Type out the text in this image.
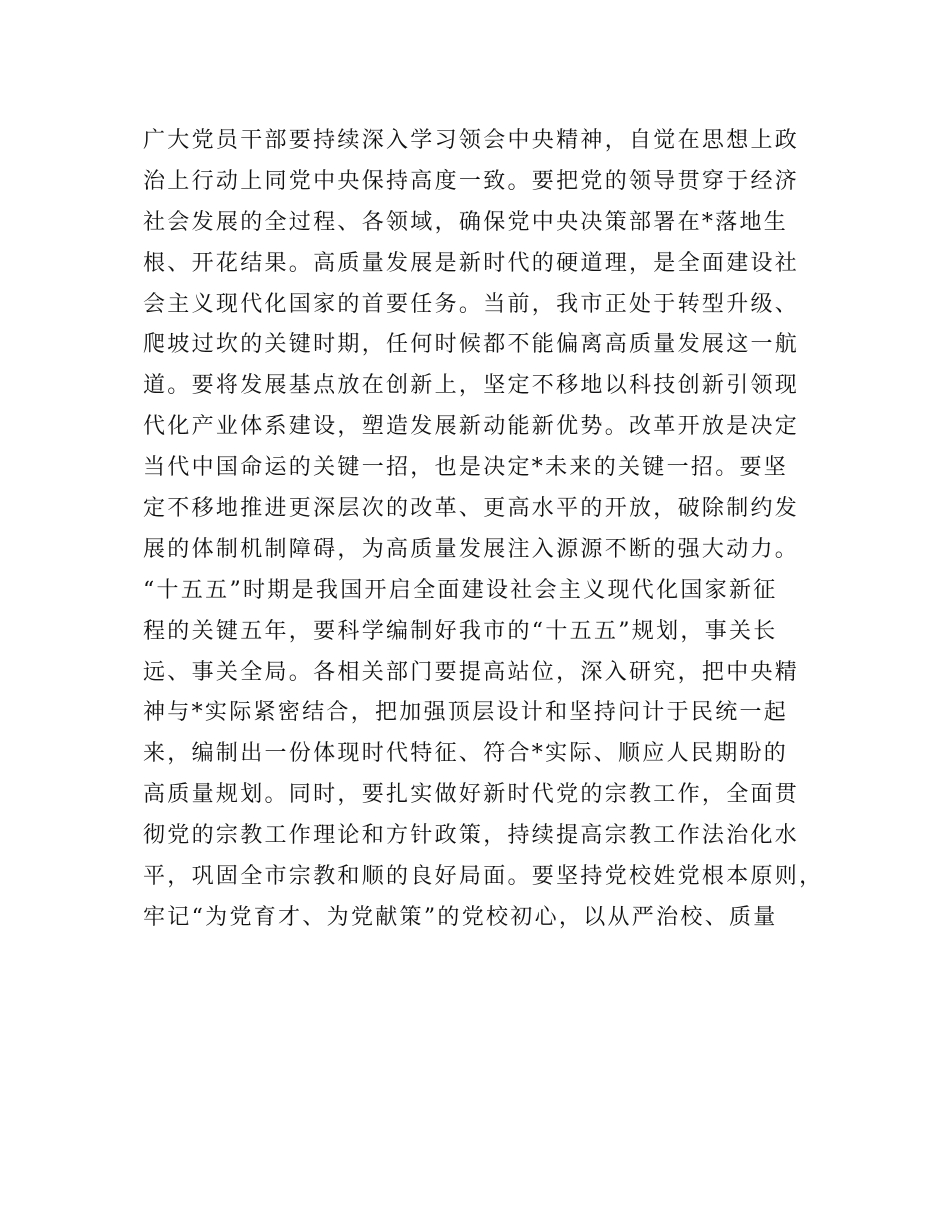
广大党员干部要持续深入学习领会中央精神，自觉在思想上政

治上行动上同党中央保持高度一致。要把党的领导贯穿于经济

社会发展的全过程、各领域，确保党中央决策部署在*落地生

根、开花结果。高质量发展是新时代的硬道理，是全面建设社

会主义现代化国家的首要任务。当前，我市正处于转型升级、

爬坡过坎的关键时期，任何时候都不能偏离高质量发展这一航

道。要将发展基点放在创新上，坚定不移地以科技创新引领现

代化产业体系建设，塑造发展新动能新优势。改革开放是决定

当代中国命运的关键一招，也是决定*未来的关键一招。要坚

定不移地推进更深层次的改革、更高水平的开放，破除制约发

展的体制机制障碍，为高质量发展注入源源不断的强大动力。

“十五五”时期是我国开启全面建设社会主义现代化国家新征

程的关键五年，要科学编制好我市的“十五五”规划，事关长

远、事关全局。各相关部门要提高站位，深入研究，把中央精

神与*实际紧密结合，把加强顶层设计和坚持问计于民统一起

来，编制出一份体现时代特征、符合*实际、顺应人民期盼的

高质量规划。同时，要扎实做好新时代党的宗教工作，全面贯

彻党的宗教工作理论和方针政策，持续提高宗教工作法治化水

平，巩固全市宗教和顺的良好局面。要坚持党校姓党根本原则，

牢记“为党育才、为党献策”的党校初心，以从严治校、质量
